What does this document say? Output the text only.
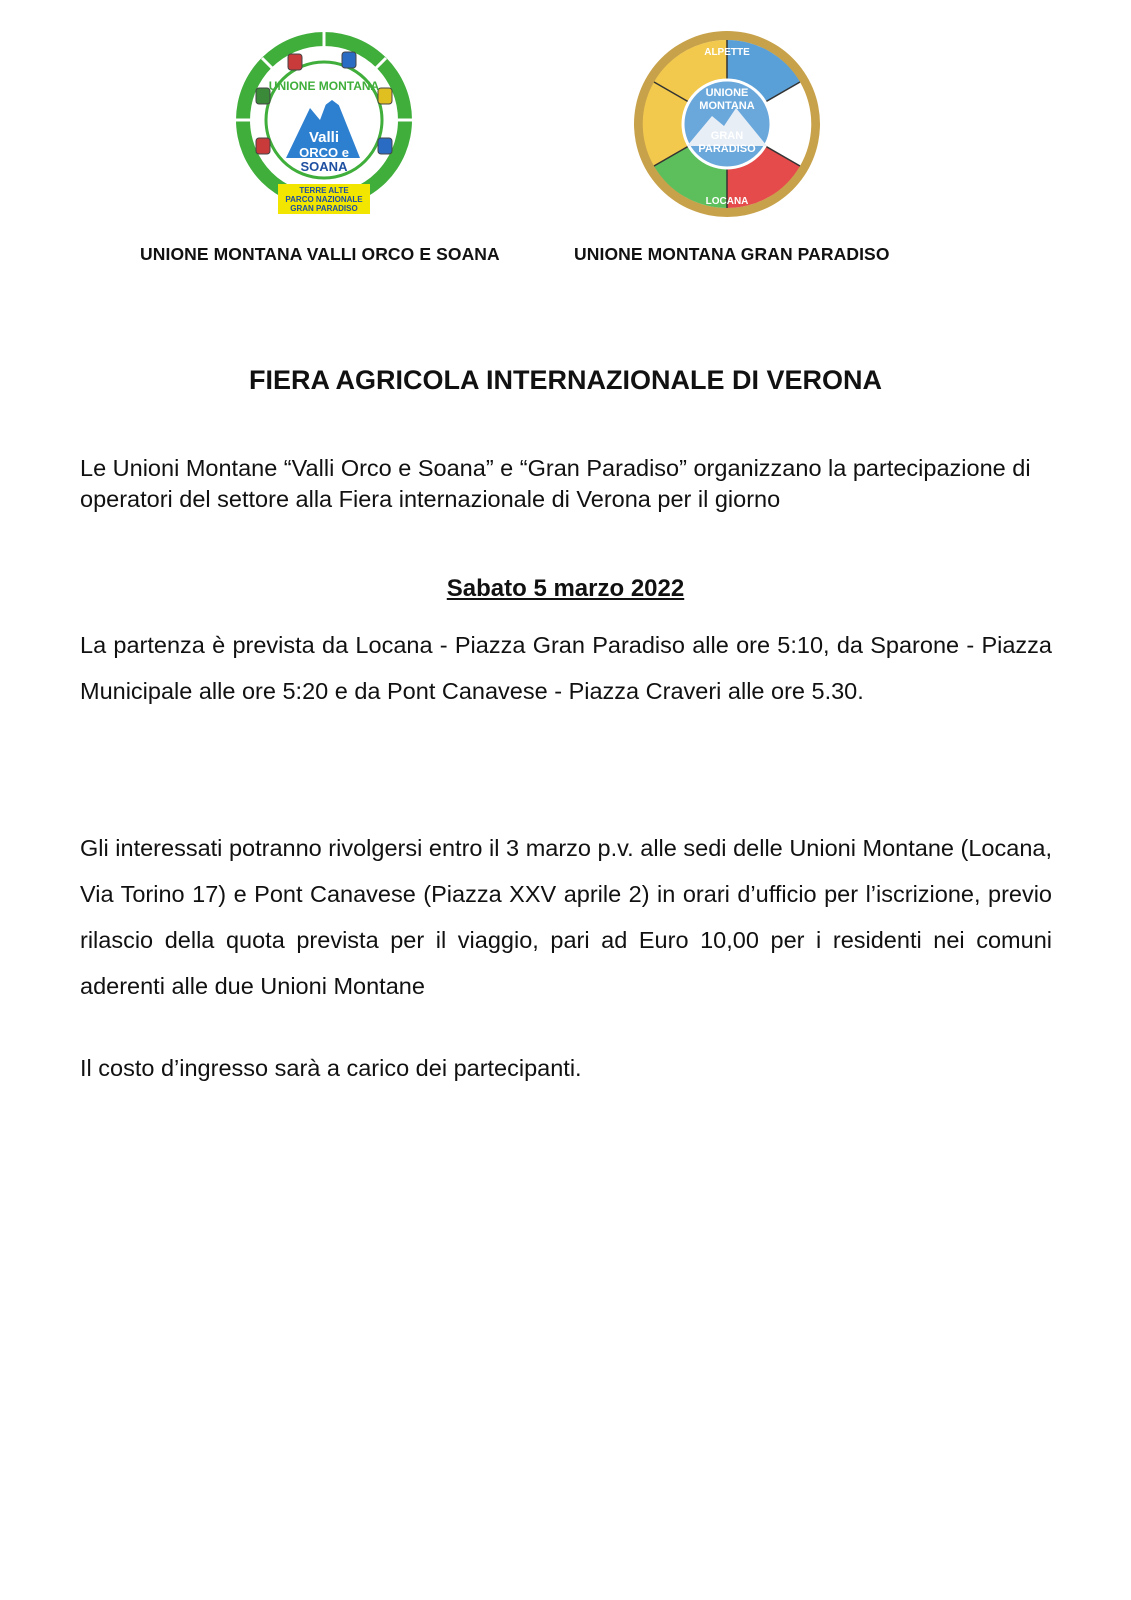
Valli
ORCO e
SOANA
UNIONE MONTANA
TERRE ALTE
PARCO NAZIONALE
GRAN PARADISO
UNIONE
MONTANA
GRAN
PARADISO
ALPETTE
LOCANA
UNIONE MONTANA VALLI ORCO E SOANA	UNIONE MONTANA GRAN PARADISO
FIERA AGRICOLA INTERNAZIONALE DI VERONA
Le Unioni Montane “Valli Orco e Soana” e “Gran Paradiso” organizzano la partecipazione di operatori del settore alla Fiera internazionale di Verona per il giorno
Sabato 5 marzo 2022
La partenza è prevista da Locana - Piazza Gran Paradiso alle ore 5:10, da Sparone - Piazza Municipale alle ore 5:20 e da Pont Canavese - Piazza Craveri alle ore 5.30.
Gli interessati potranno rivolgersi entro il 3 marzo p.v. alle sedi delle Unioni Montane (Locana, Via Torino 17) e Pont Canavese (Piazza XXV aprile 2) in orari d’ufficio per l’iscrizione, previo rilascio della quota prevista per il viaggio, pari ad Euro 10,00 per i residenti nei comuni aderenti alle due Unioni Montane
Il costo d’ingresso sarà a carico dei partecipanti.
